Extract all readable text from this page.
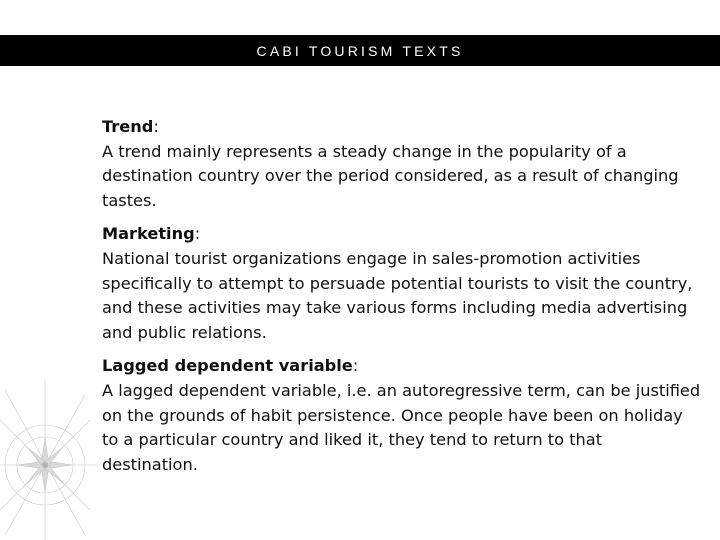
CABI TOURISM TEXTS
Trend:
A trend mainly represents a steady change in the popularity of a destination country over the period considered, as a result of changing tastes.
Marketing:
National tourist organizations engage in sales-promotion activities specifically to attempt to persuade potential tourists to visit the country, and these activities may take various forms including media advertising and public relations.
Lagged dependent variable:
A lagged dependent variable, i.e. an autoregressive term, can be justified on the grounds of habit persistence. Once people have been on holiday to a particular country and liked it, they tend to return to that destination.
